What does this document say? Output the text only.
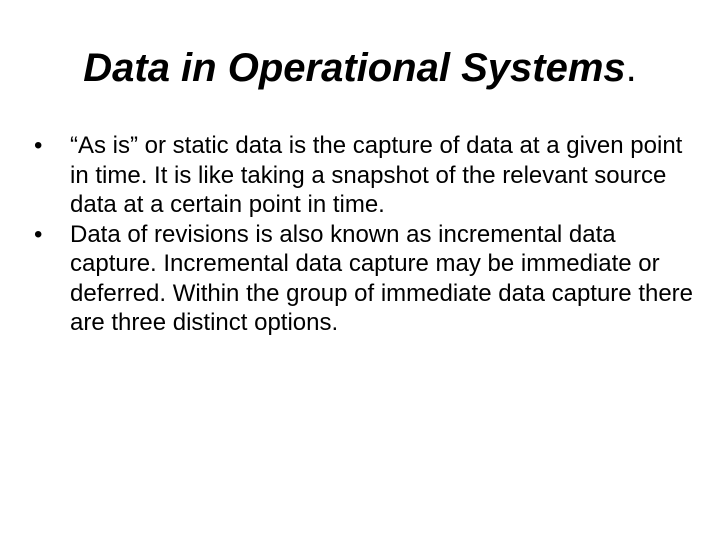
Data in Operational Systems.
•	“As is” or static data is the capture of data at a given point in time. It is like taking a snapshot of the relevant source data at a certain point in time.
•	Data of revisions is also known as incremental data capture. Incremental data capture may be immediate or deferred. Within the group of immediate data capture there are three distinct options.
